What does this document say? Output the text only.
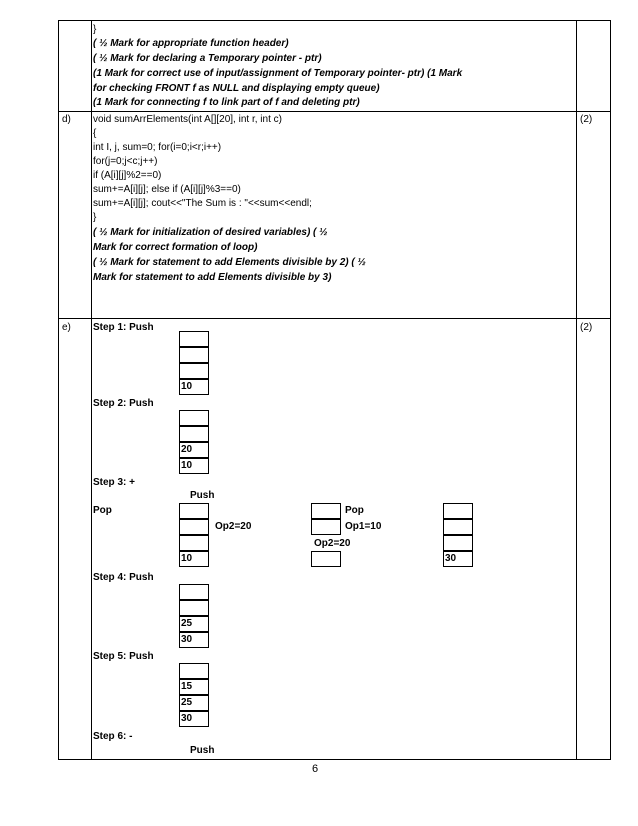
}
( ½ Mark for appropriate function header)
( ½ Mark for declaring a Temporary pointer - ptr)
(1 Mark for correct use of input/assignment of Temporary pointer- ptr) (1 Mark
for checking FRONT f as NULL and displaying empty queue)
(1 Mark for connecting f to link part of f and deleting ptr)
d)	(2)
void sumArrElements(int A[][20], int r, int c)
{
int I, j, sum=0; for(i=0;i<r;i++)
for(j=0;j<c;j++)
if (A[i][j]%2==0)
sum+=A[i][j]; else if (A[i][j]%3==0)
sum+=A[i][j]; cout<<"The Sum is : "<<sum<<endl;
}
( ½ Mark for initialization of desired variables) ( ½
Mark for correct formation of loop)
( ½ Mark for statement to add Elements divisible by 2) ( ½
Mark for statement to add Elements divisible by 3)
e)	(2)
Step 1: Push
10
Step 2: Push
20
10
Step 3: +
Push
Pop
10
Op2=20
Pop
Op1=10
Op2=20
30
Step 4: Push
25
30
Step 5: Push
15
25
30
Step 6: -
Push
6
